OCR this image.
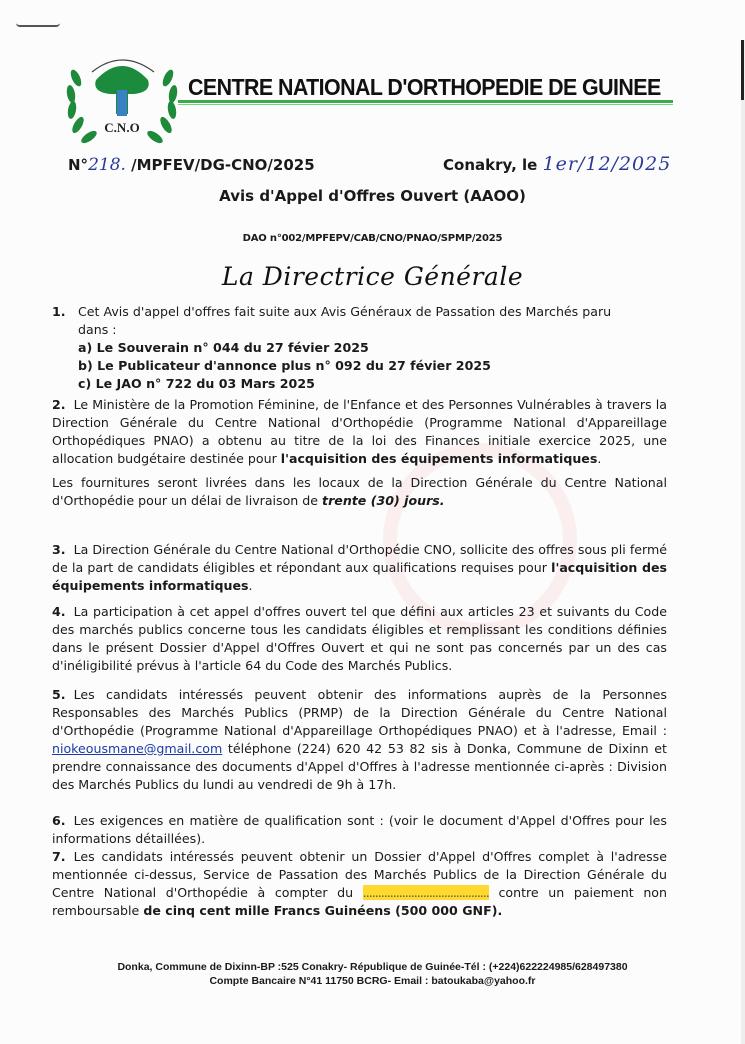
C.N.O
CENTRE NATIONAL D'ORTHOPEDIE DE GUINEE
N°218. /MPFEV/DG-CNO/2025	Conakry, le 1er/12/2025
Avis d'Appel d'Offres Ouvert (AAOO)
DAO n°002/MPFEPV/CAB/CNO/PNAO/SPMP/2025
La Directrice Générale

1. Cet Avis d'appel d'offres fait suite aux Avis Généraux de Passation des Marchés paru

dans :

a) Le Souverain n° 044 du 27 févier 2025

b) Le Publicateur d'annonce plus n° 092 du 27 févier 2025

c) Le JAO n° 722 du 03 Mars 2025

2. Le Ministère de la Promotion Féminine, de l'Enfance et des Personnes Vulnérables à travers la Direction Générale du Centre National d'Orthopédie (Programme National d'Appareillage Orthopédiques PNAO) a obtenu au titre de la loi des Finances initiale exercice 2025, une allocation budgétaire destinée pour l'acquisition des équipements informatiques.

Les fournitures seront livrées dans les locaux de la Direction Générale du Centre National d'Orthopédie pour un délai de livraison de trente (30) jours.

3. La Direction Générale du Centre National d'Orthopédie CNO, sollicite des offres sous pli fermé de la part de candidats éligibles et répondant aux qualifications requises pour l'acquisition des équipements informatiques.

4. La participation à cet appel d'offres ouvert tel que défini aux articles 23 et suivants du Code des marchés publics concerne tous les candidats éligibles et remplissant les conditions définies dans le présent Dossier d'Appel d'Offres Ouvert et qui ne sont pas concernés par un des cas d'inéligibilité prévus à l'article 64 du Code des Marchés Publics.

5. Les candidats intéressés peuvent obtenir des informations auprès de la Personnes Responsables des Marchés Publics (PRMP) de la Direction Générale du Centre National d'Orthopédie (Programme National d'Appareillage Orthopédiques PNAO) et à l'adresse, Email : niokeousmane@gmail.com téléphone (224) 620 42 53 82 sis à Donka, Commune de Dixinn et prendre connaissance des documents d'Appel d'Offres à l'adresse mentionnée ci-après : Division des Marchés Publics du lundi au vendredi de 9h à 17h.

6. Les exigences en matière de qualification sont : (voir le document d'Appel d'Offres pour les informations détaillées).

7. Les candidats intéressés peuvent obtenir un Dossier d'Appel d'Offres complet à l'adresse mentionnée ci-dessus, Service de Passation des Marchés Publics de la Direction Générale du Centre National d'Orthopédie à compter du .......................................... contre un paiement non remboursable de cinq cent mille Francs Guinéens (500 000 GNF).

Donka, Commune de Dixinn-BP :525 Conakry- République de Guinée-Tél : (+224)622224985/628497380
Compte Bancaire N°41 11750 BCRG- Email : batoukaba@yahoo.fr
